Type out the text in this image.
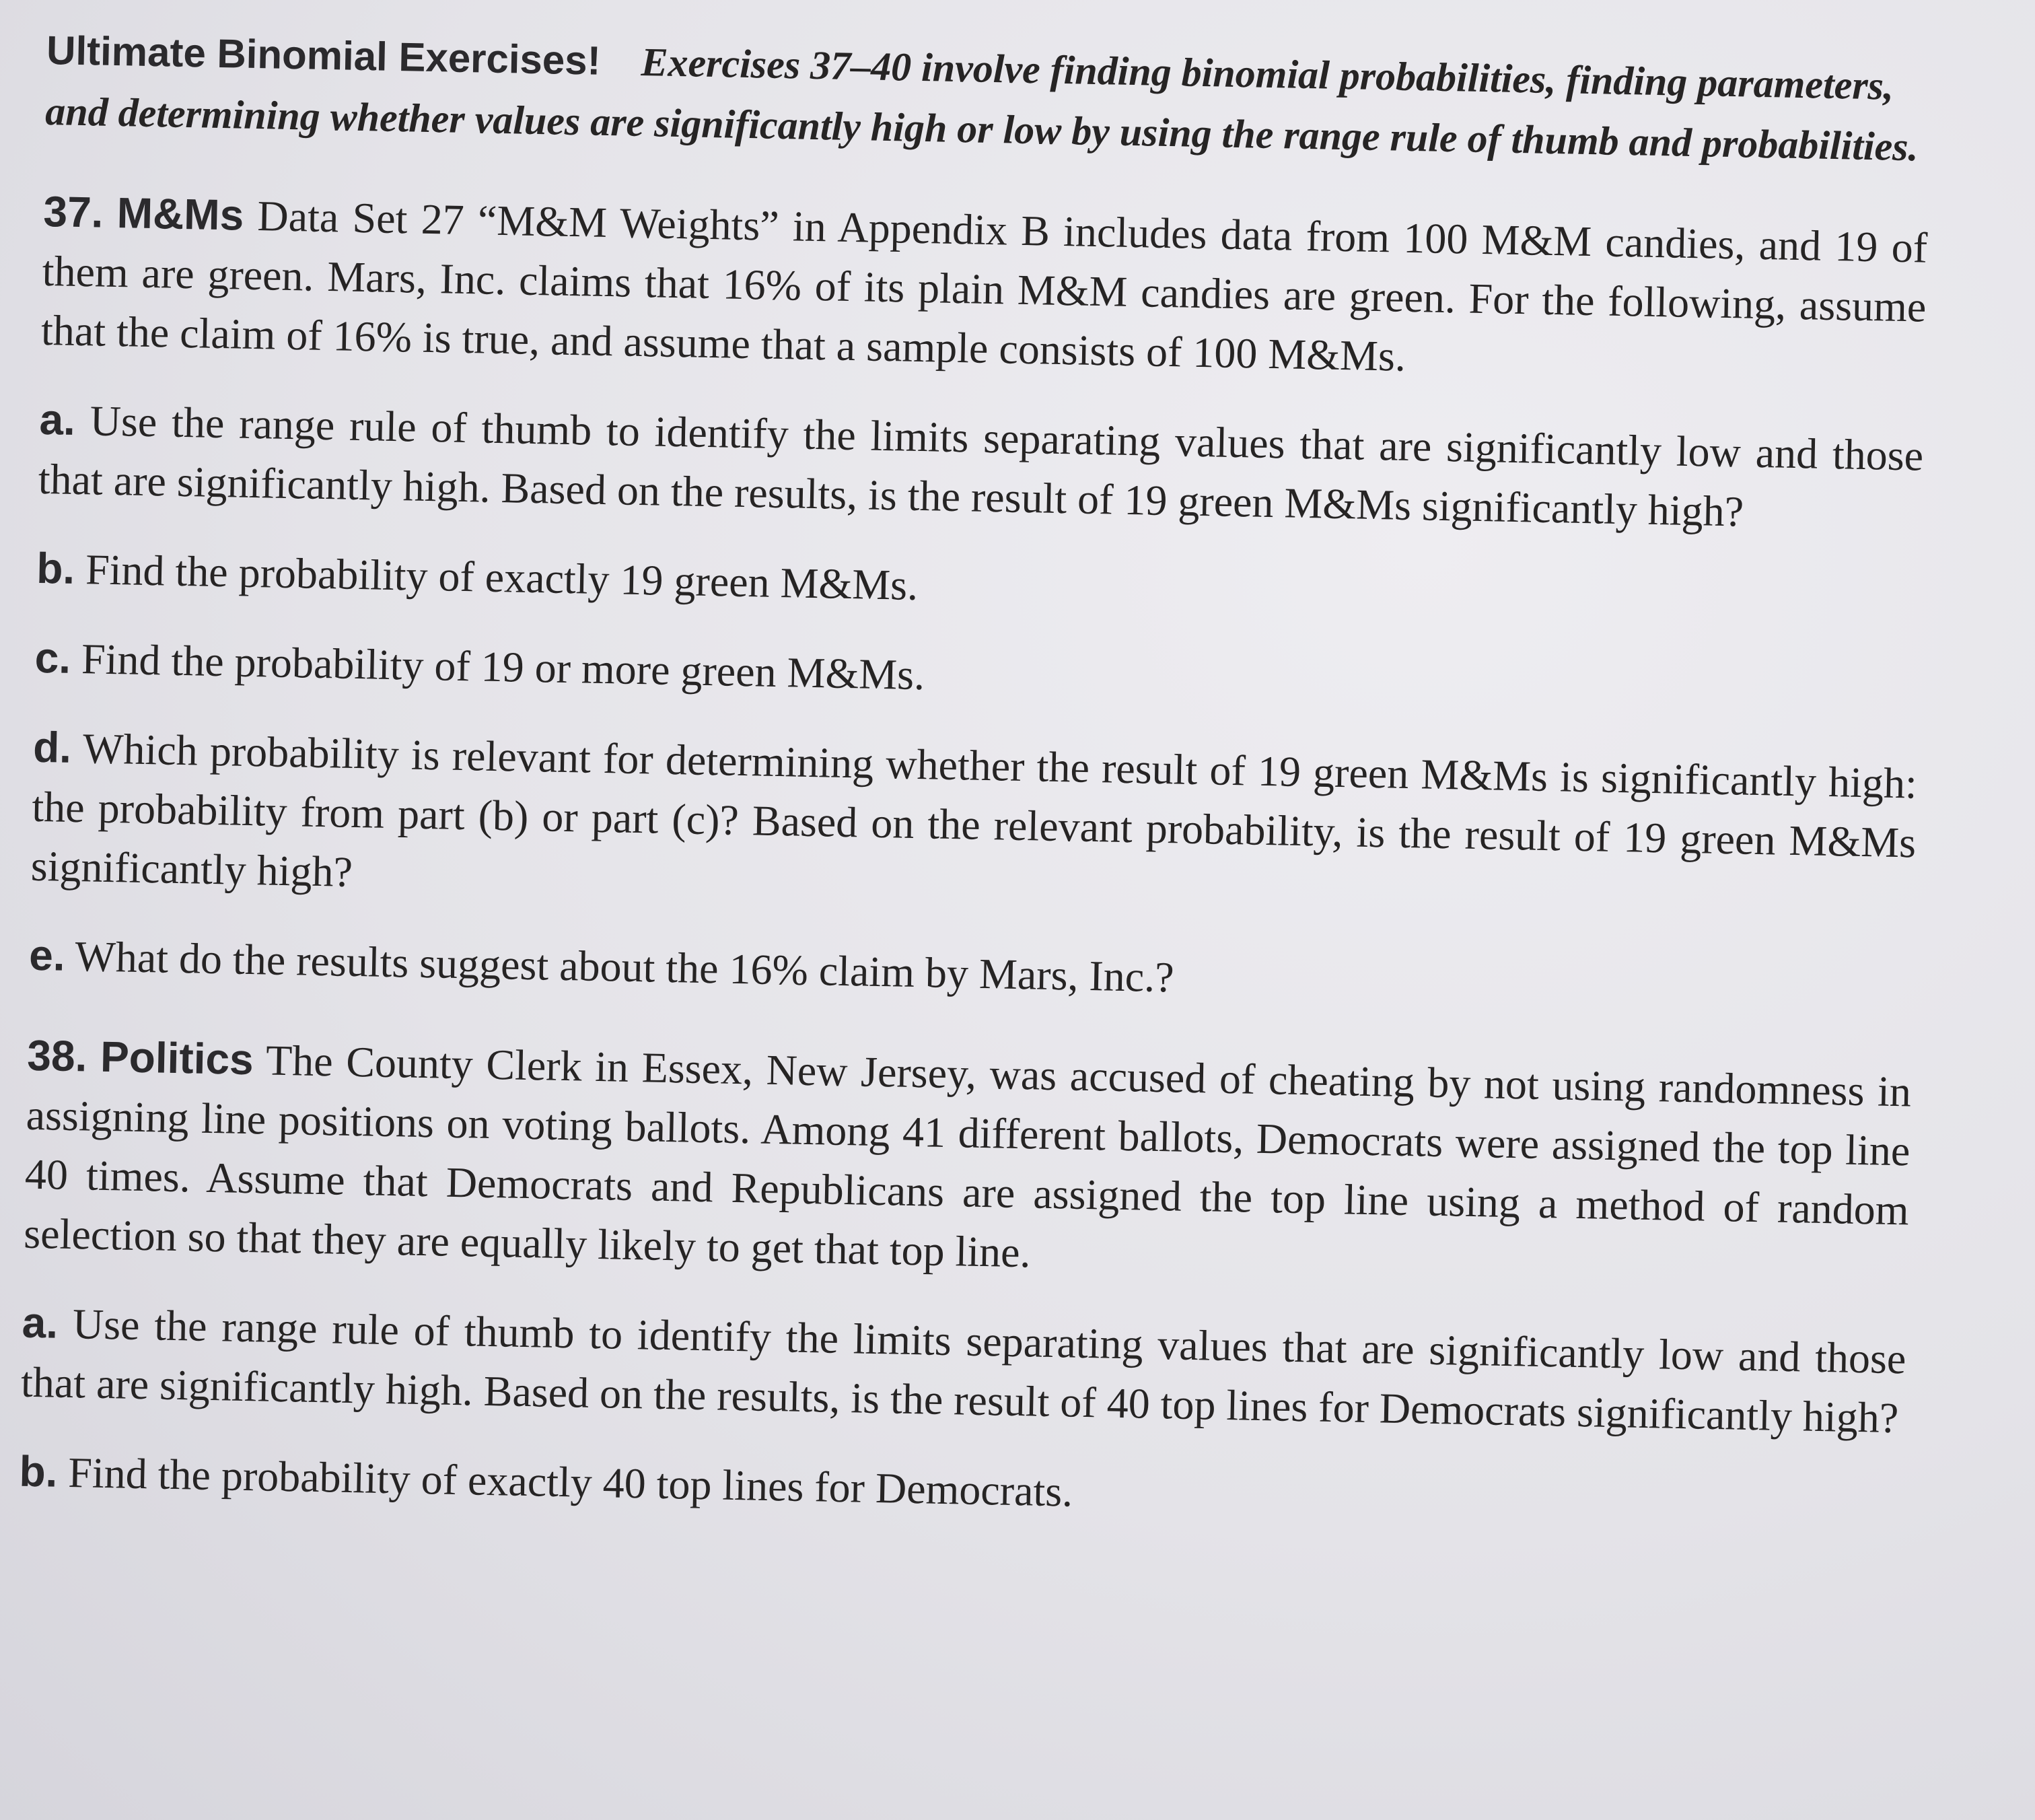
Ultimate Binomial Exercises! Exercises 37–40 involve finding binomial probabilities, finding parameters, and determining whether values are significantly high or low by using the range rule of thumb and probabilities.

37. M&Ms Data Set 27 “M&M Weights” in Appendix B includes data from 100 M&M candies, and 19 of them are green. Mars, Inc. claims that 16% of its plain M&M candies are green. For the following, assume that the claim of 16% is true, and assume that a sample consists of 100 M&Ms.

a. Use the range rule of thumb to identify the limits separating values that are significantly low and those that are significantly high. Based on the results, is the result of 19 green M&Ms significantly high?

b. Find the probability of exactly 19 green M&Ms.

c. Find the probability of 19 or more green M&Ms.

d. Which probability is relevant for determining whether the result of 19 green M&Ms is significantly high: the probability from part (b) or part (c)? Based on the relevant probability, is the result of 19 green M&Ms significantly high?

e. What do the results suggest about the 16% claim by Mars, Inc.?

38. Politics The County Clerk in Essex, New Jersey, was accused of cheating by not using randomness in assigning line positions on voting ballots. Among 41 different ballots, Democrats were assigned the top line 40 times. Assume that Democrats and Republicans are assigned the top line using a method of random selection so that they are equally likely to get that top line.

a. Use the range rule of thumb to identify the limits separating values that are significantly low and those that are significantly high. Based on the results, is the result of 40 top lines for Democrats significantly high?

b. Find the probability of exactly 40 top lines for Democrats.
